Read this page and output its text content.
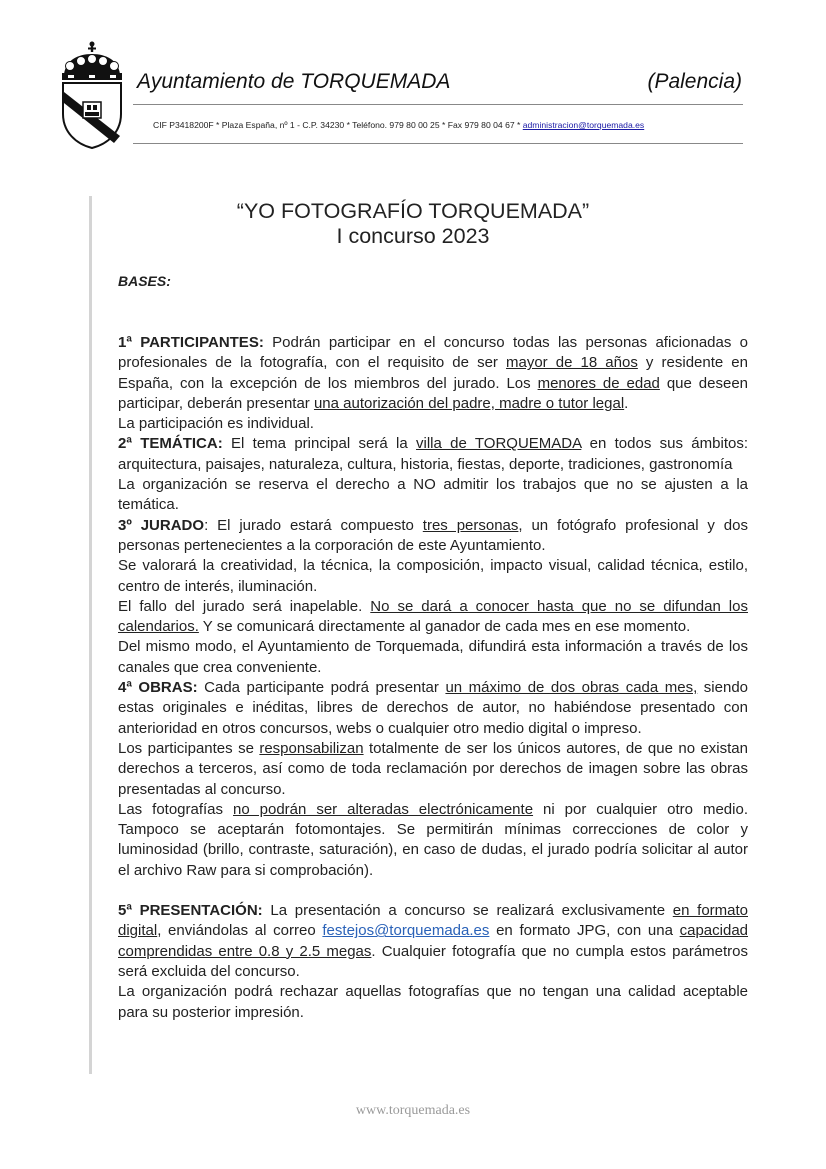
Ayuntamiento de TORQUEMADA	(Palencia)
CIF P3418200F * Plaza España, nº 1 - C.P. 34230 * Teléfono. 979 80 00 25 * Fax 979 80 04 67 * administracion@torquemada.es
“YO FOTOGRAFÍO TORQUEMADA”
I concurso 2023
BASES:

1ª PARTICIPANTES: Podrán participar en el concurso todas las personas aficionadas o profesionales de la fotografía, con el requisito de ser mayor de 18 años y residente en España, con la excepción de los miembros del jurado. Los menores de edad que deseen participar, deberán presentar una autorización del padre, madre o tutor legal.

La participación es individual.

2ª TEMÁTICA: El tema principal será la villa de TORQUEMADA en todos sus ámbitos: arquitectura, paisajes, naturaleza, cultura, historia, fiestas, deporte, tradiciones, gastronomía

La organización se reserva el derecho a NO admitir los trabajos que no se ajusten a la temática.

3º JURADO: El jurado estará compuesto tres personas, un fotógrafo profesional y dos personas pertenecientes a la corporación de este Ayuntamiento.

Se valorará la creatividad, la técnica, la composición, impacto visual, calidad técnica, estilo, centro de interés, iluminación.

El fallo del jurado será inapelable. No se dará a conocer hasta que no se difundan los calendarios. Y se comunicará directamente al ganador de cada mes en ese momento.

Del mismo modo, el Ayuntamiento de Torquemada, difundirá esta información a través de los canales que crea conveniente.

4ª OBRAS: Cada participante podrá presentar un máximo de dos obras cada mes, siendo estas originales e inéditas, libres de derechos de autor, no habiéndose presentado con anterioridad en otros concursos, webs o cualquier otro medio digital o impreso.

Los participantes se responsabilizan totalmente de ser los únicos autores, de que no existan derechos a terceros, así como de toda reclamación por derechos de imagen sobre las obras presentadas al concurso.

Las fotografías no podrán ser alteradas electrónicamente ni por cualquier otro medio. Tampoco se aceptarán fotomontajes. Se permitirán mínimas correcciones de color y luminosidad (brillo, contraste, saturación), en caso de dudas, el jurado podría solicitar al autor el archivo Raw para si comprobación).

5ª PRESENTACIÓN: La presentación a concurso se realizará exclusivamente en formato digital, enviándolas al correo festejos@torquemada.es en formato JPG, con una capacidad comprendidas entre 0.8 y 2.5 megas. Cualquier fotografía que no cumpla estos parámetros será excluida del concurso.

La organización podrá rechazar aquellas fotografías que no tengan una calidad aceptable para su posterior impresión.

www.torquemada.es
